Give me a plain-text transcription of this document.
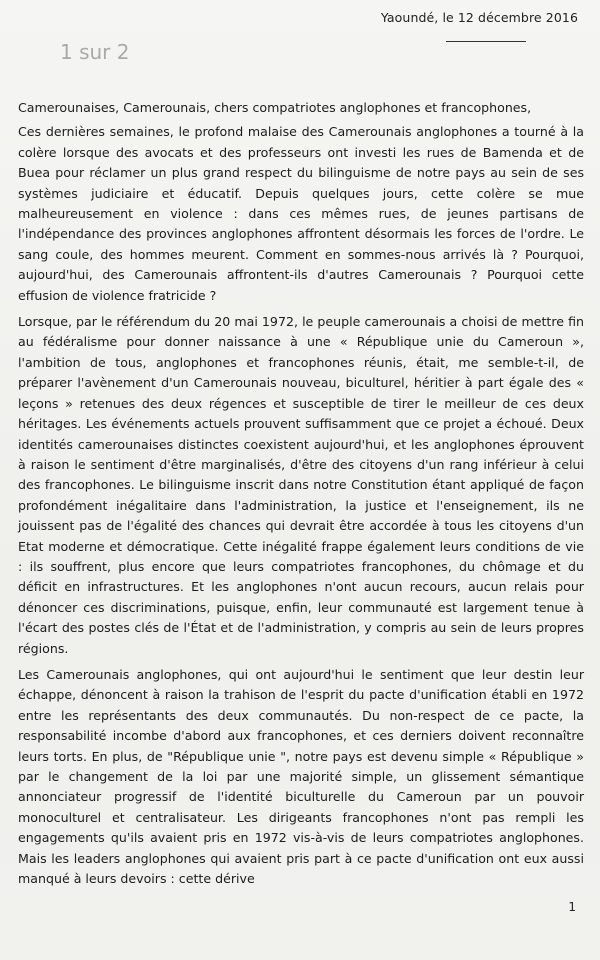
Yaoundé, le 12 décembre 2016
1 sur 2

Camerounaises, Camerounais, chers compatriotes anglophones et francophones,

Ces dernières semaines, le profond malaise des Camerounais anglophones a tourné à la colère lorsque des avocats et des professeurs ont investi les rues de Bamenda et de Buea pour réclamer un plus grand respect du bilinguisme de notre pays au sein de ses systèmes judiciaire et éducatif. Depuis quelques jours, cette colère se mue malheureusement en violence : dans ces mêmes rues, de jeunes partisans de l'indépendance des provinces anglophones affrontent désormais les forces de l'ordre. Le sang coule, des hommes meurent. Comment en sommes-nous arrivés là ? Pourquoi, aujourd'hui, des Camerounais affrontent-ils d'autres Camerounais ? Pourquoi cette effusion de violence fratricide ?

Lorsque, par le référendum du 20 mai 1972, le peuple camerounais a choisi de mettre fin au fédéralisme pour donner naissance à une « République unie du Cameroun », l'ambition de tous, anglophones et francophones réunis, était, me semble-t-il, de préparer l'avènement d'un Camerounais nouveau, biculturel, héritier à part égale des « leçons » retenues des deux régences et susceptible de tirer le meilleur de ces deux héritages. Les événements actuels prouvent suffisamment que ce projet a échoué. Deux identités camerounaises distinctes coexistent aujourd'hui, et les anglophones éprouvent à raison le sentiment d'être marginalisés, d'être des citoyens d'un rang inférieur à celui des francophones. Le bilinguisme inscrit dans notre Constitution étant appliqué de façon profondément inégalitaire dans l'administration, la justice et l'enseignement, ils ne jouissent pas de l'égalité des chances qui devrait être accordée à tous les citoyens d'un Etat moderne et démocratique. Cette inégalité frappe également leurs conditions de vie : ils souffrent, plus encore que leurs compatriotes francophones, du chômage et du déficit en infrastructures. Et les anglophones n'ont aucun recours, aucun relais pour dénoncer ces discriminations, puisque, enfin, leur communauté est largement tenue à l'écart des postes clés de l'État et de l'administration, y compris au sein de leurs propres régions.

Les Camerounais anglophones, qui ont aujourd'hui le sentiment que leur destin leur échappe, dénoncent à raison la trahison de l'esprit du pacte d'unification établi en 1972 entre les représentants des deux communautés. Du non-respect de ce pacte, la responsabilité incombe d'abord aux francophones, et ces derniers doivent reconnaître leurs torts. En plus, de "République unie ", notre pays est devenu simple « République » par le changement de la loi par une majorité simple, un glissement sémantique annonciateur progressif de l'identité biculturelle du Cameroun par un pouvoir monoculturel et centralisateur. Les dirigeants francophones n'ont pas rempli les engagements qu'ils avaient pris en 1972 vis-à-vis de leurs compatriotes anglophones. Mais les leaders anglophones qui avaient pris part à ce pacte d'unification ont eux aussi manqué à leurs devoirs : cette dérive

1
